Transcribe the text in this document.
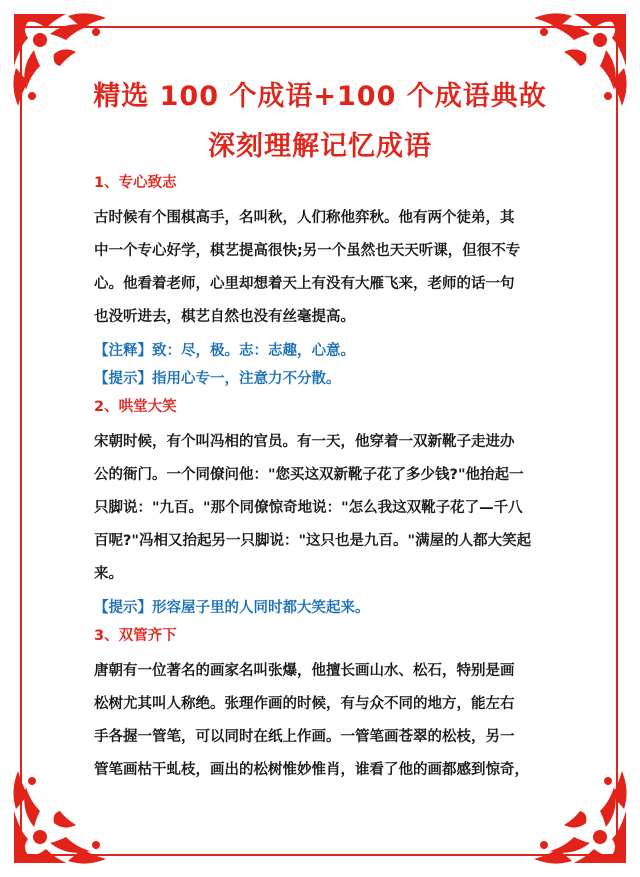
精选 100 个成语+100 个成语典故
深刻理解记忆成语
1、专心致志

古时候有个围棋高手，名叫秋，人们称他弈秋。他有两个徒弟，其

中一个专心好学，棋艺提高很快;另一个虽然也天天听课，但很不专

心。他看着老师，心里却想着天上有没有大雁飞来，老师的话一句

也没听进去，棋艺自然也没有丝毫提高。

【注释】致：尽，极。志：志趣，心意。
【提示】指用心专一，注意力不分散。
2、哄堂大笑

宋朝时候，有个叫冯相的官员。有一天，他穿着一双新靴子走进办

公的衙门。一个同僚问他："您买这双新靴子花了多少钱?"他抬起一

只脚说："九百。"那个同僚惊奇地说："怎么我这双靴子花了—千八

百呢?"冯相又抬起另一只脚说："这只也是九百。"满屋的人都大笑起

来。

【提示】形容屋子里的人同时都大笑起来。
3、双管齐下

唐朝有一位著名的画家名叫张爆，他擅长画山水、松石，特别是画

松树尤其叫人称绝。张理作画的时候，有与众不同的地方，能左右

手各握一管笔，可以同时在纸上作画。一管笔画苍翠的松枝，另一

管笔画枯干虬枝，画出的松树惟妙惟肖，谁看了他的画都感到惊奇，
